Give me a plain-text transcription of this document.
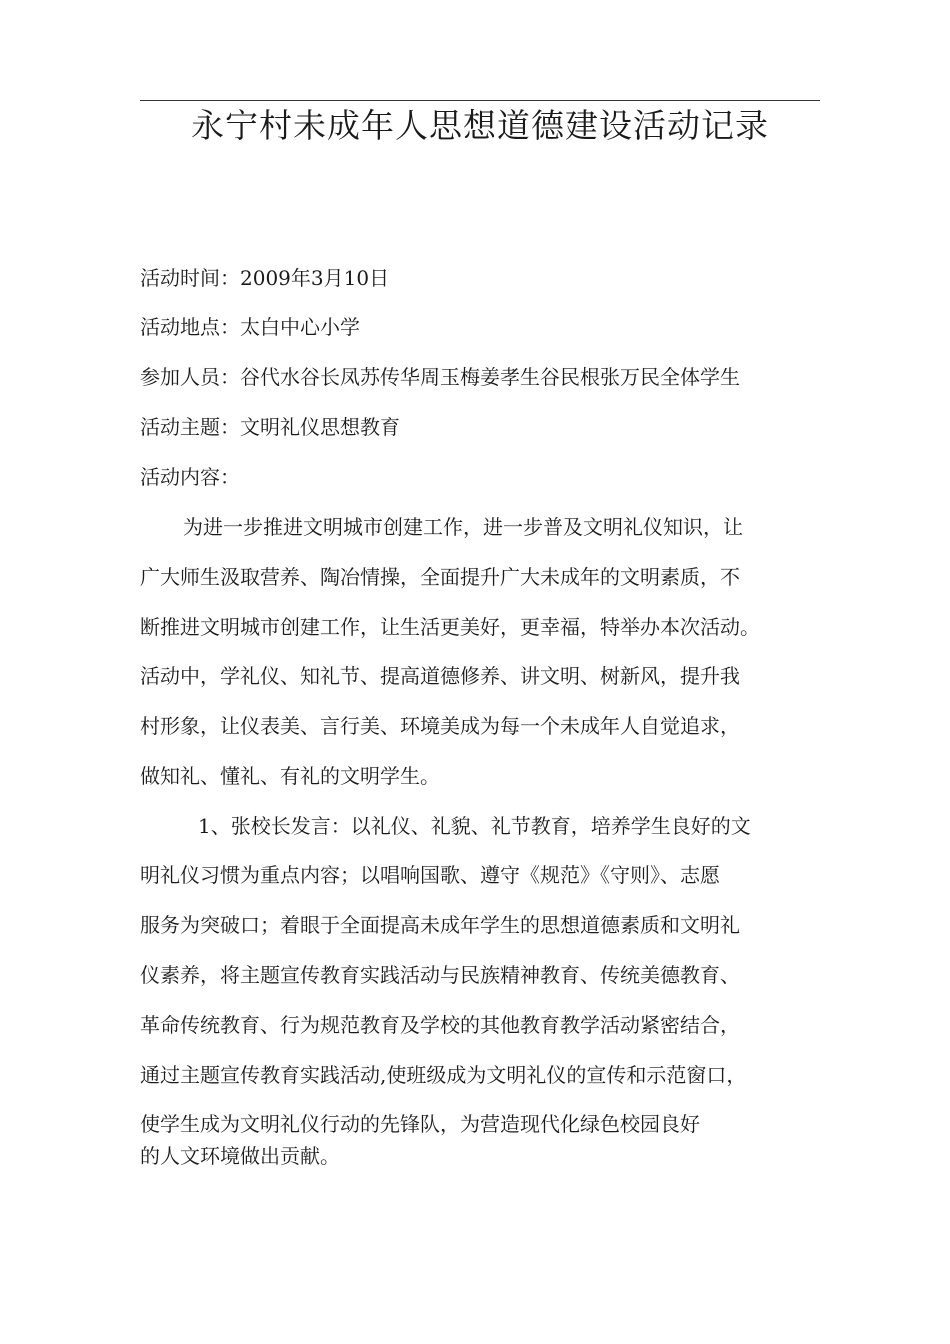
永宁村未成年人思想道德建设活动记录
活动时间：2009年3月10日
活动地点：太白中心小学
参加人员：谷代水谷长凤苏传华周玉梅姜孝生谷民根张万民全体学生
活动主题：文明礼仪思想教育
活动内容：
为进一步推进文明城市创建工作，进一步普及文明礼仪知识，让
广大师生汲取营养、陶冶情操，全面提升广大未成年的文明素质，不
断推进文明城市创建工作，让生活更美好，更幸福，特举办本次活动。
活动中，学礼仪、知礼节、提高道德修养、讲文明、树新风，提升我
村形象，让仪表美、言行美、环境美成为每一个未成年人自觉追求，
做知礼、懂礼、有礼的文明学生。
1、张校长发言：以礼仪、礼貌、礼节教育，培养学生良好的文
明礼仪习惯为重点内容；以唱响国歌、遵守《规范》《守则》、志愿
服务为突破口；着眼于全面提高未成年学生的思想道德素质和文明礼
仪素养，将主题宣传教育实践活动与民族精神教育、传统美德教育、
革命传统教育、行为规范教育及学校的其他教育教学活动紧密结合，
通过主题宣传教育实践活动,使班级成为文明礼仪的宣传和示范窗口，
使学生成为文明礼仪行动的先锋队，为营造现代化绿色校园良好
的人文环境做出贡献。
